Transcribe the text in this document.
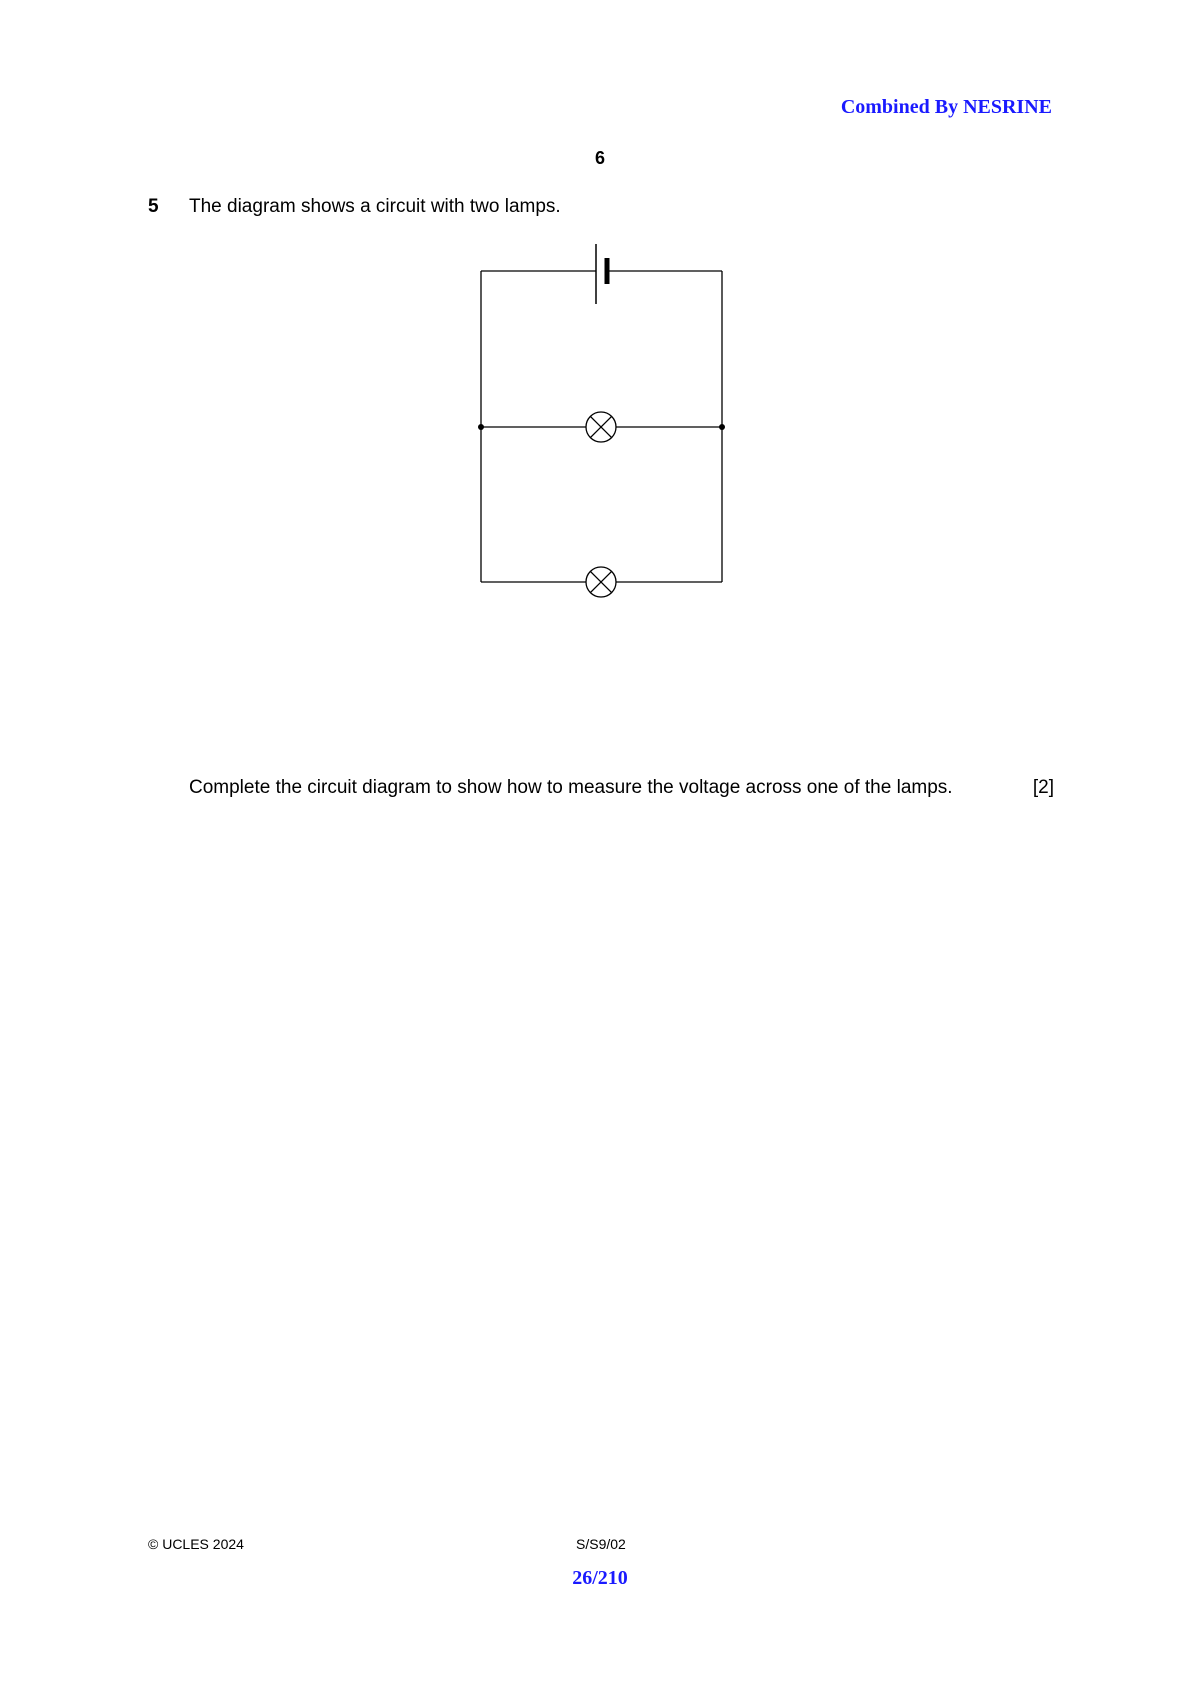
Combined By NESRINE
6
5 The diagram shows a circuit with two lamps.
Complete the circuit diagram to show how to measure the voltage across one of the lamps.	[2]
© UCLES 2024	S/S9/02
26/210
